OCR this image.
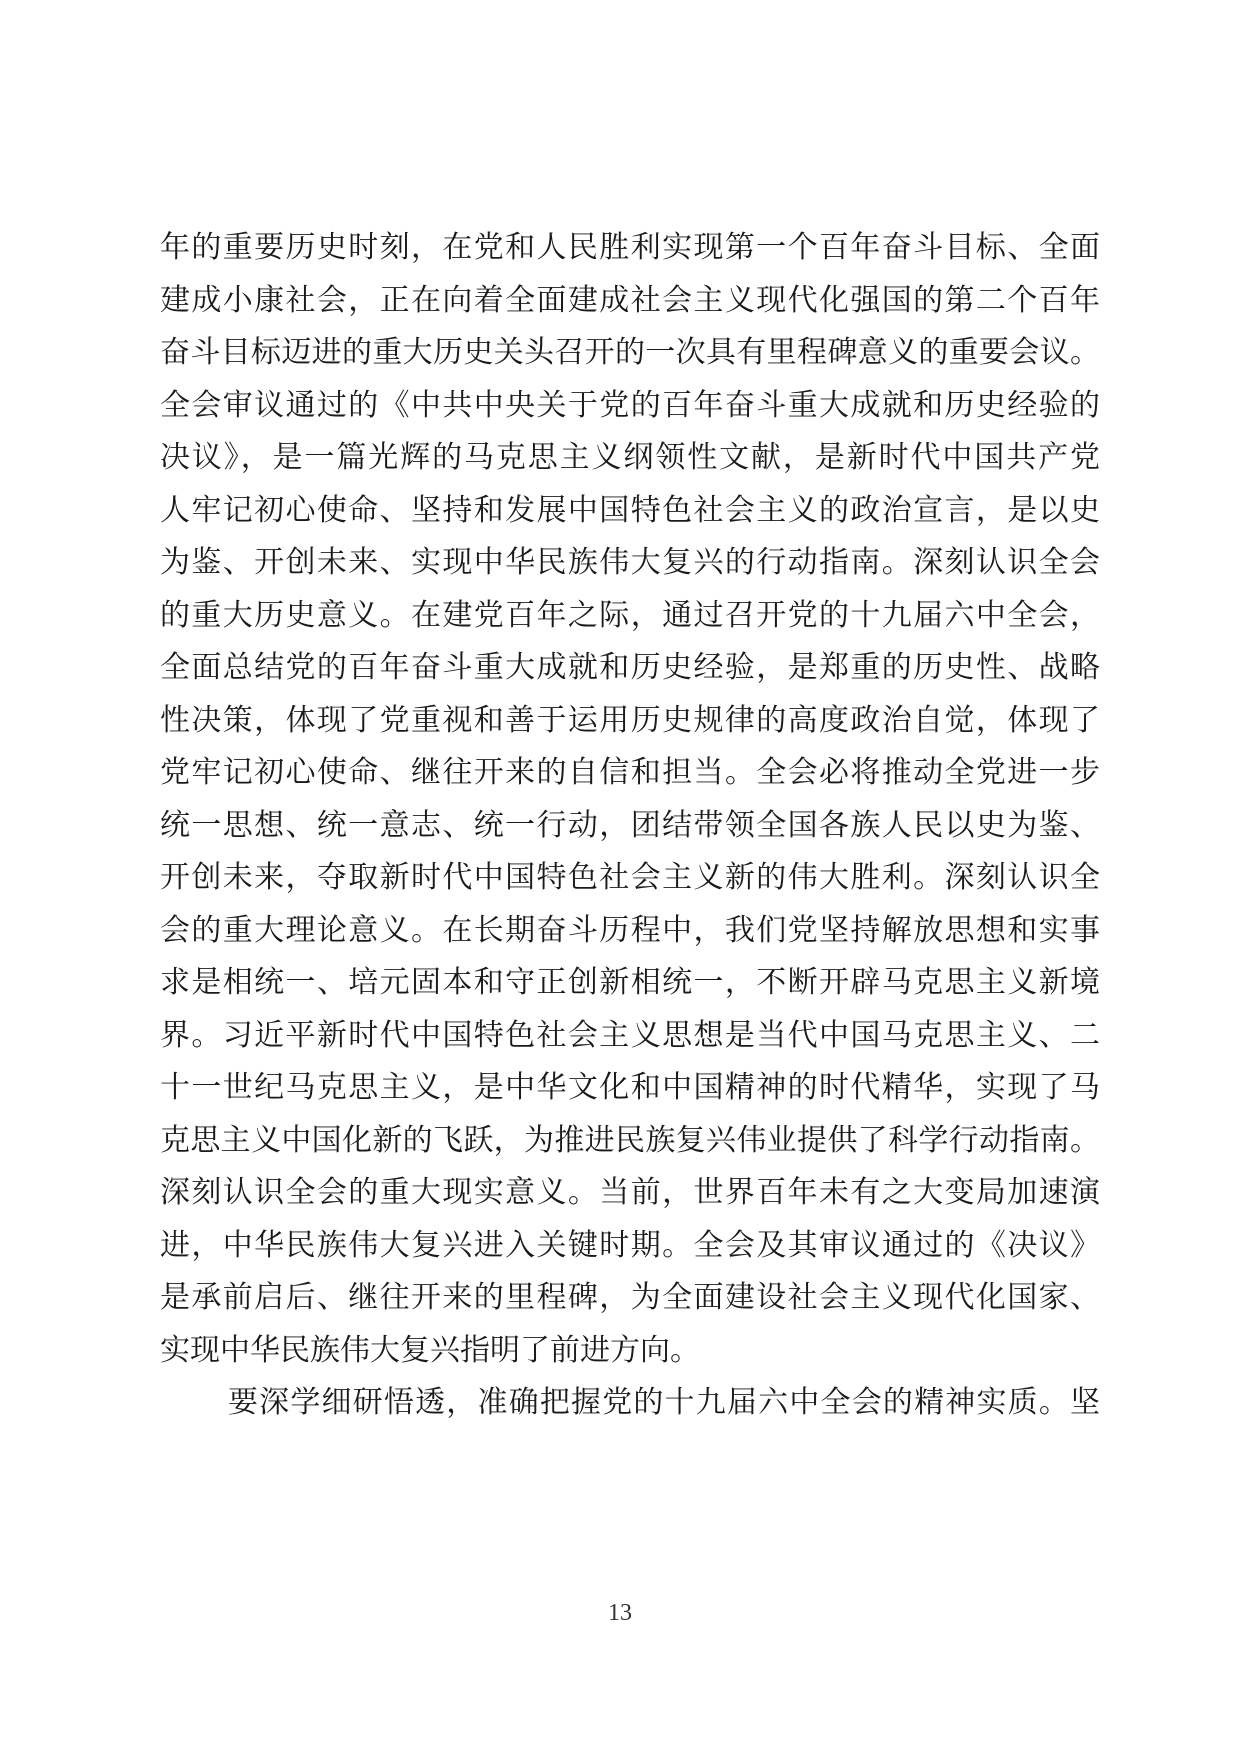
年的重要历史时刻，在党和人民胜利实现第一个百年奋斗目标、全面
建成小康社会，正在向着全面建成社会主义现代化强国的第二个百年
奋斗目标迈进的重大历史关头召开的一次具有里程碑意义的重要会议。
全会审议通过的《中共中央关于党的百年奋斗重大成就和历史经验的
决议》，是一篇光辉的马克思主义纲领性文献，是新时代中国共产党
人牢记初心使命、坚持和发展中国特色社会主义的政治宣言，是以史
为鉴、开创未来、实现中华民族伟大复兴的行动指南。深刻认识全会
的重大历史意义。在建党百年之际，通过召开党的十九届六中全会，
全面总结党的百年奋斗重大成就和历史经验，是郑重的历史性、战略
性决策，体现了党重视和善于运用历史规律的高度政治自觉，体现了
党牢记初心使命、继往开来的自信和担当。全会必将推动全党进一步
统一思想、统一意志、统一行动，团结带领全国各族人民以史为鉴、
开创未来，夺取新时代中国特色社会主义新的伟大胜利。深刻认识全
会的重大理论意义。在长期奋斗历程中，我们党坚持解放思想和实事
求是相统一、培元固本和守正创新相统一，不断开辟马克思主义新境
界。习近平新时代中国特色社会主义思想是当代中国马克思主义、二
十一世纪马克思主义，是中华文化和中国精神的时代精华，实现了马
克思主义中国化新的飞跃，为推进民族复兴伟业提供了科学行动指南。
深刻认识全会的重大现实意义。当前，世界百年未有之大变局加速演
进，中华民族伟大复兴进入关键时期。全会及其审议通过的《决议》
是承前启后、继往开来的里程碑，为全面建设社会主义现代化国家、
实现中华民族伟大复兴指明了前进方向。
要深学细研悟透，准确把握党的十九届六中全会的精神实质。坚
13
